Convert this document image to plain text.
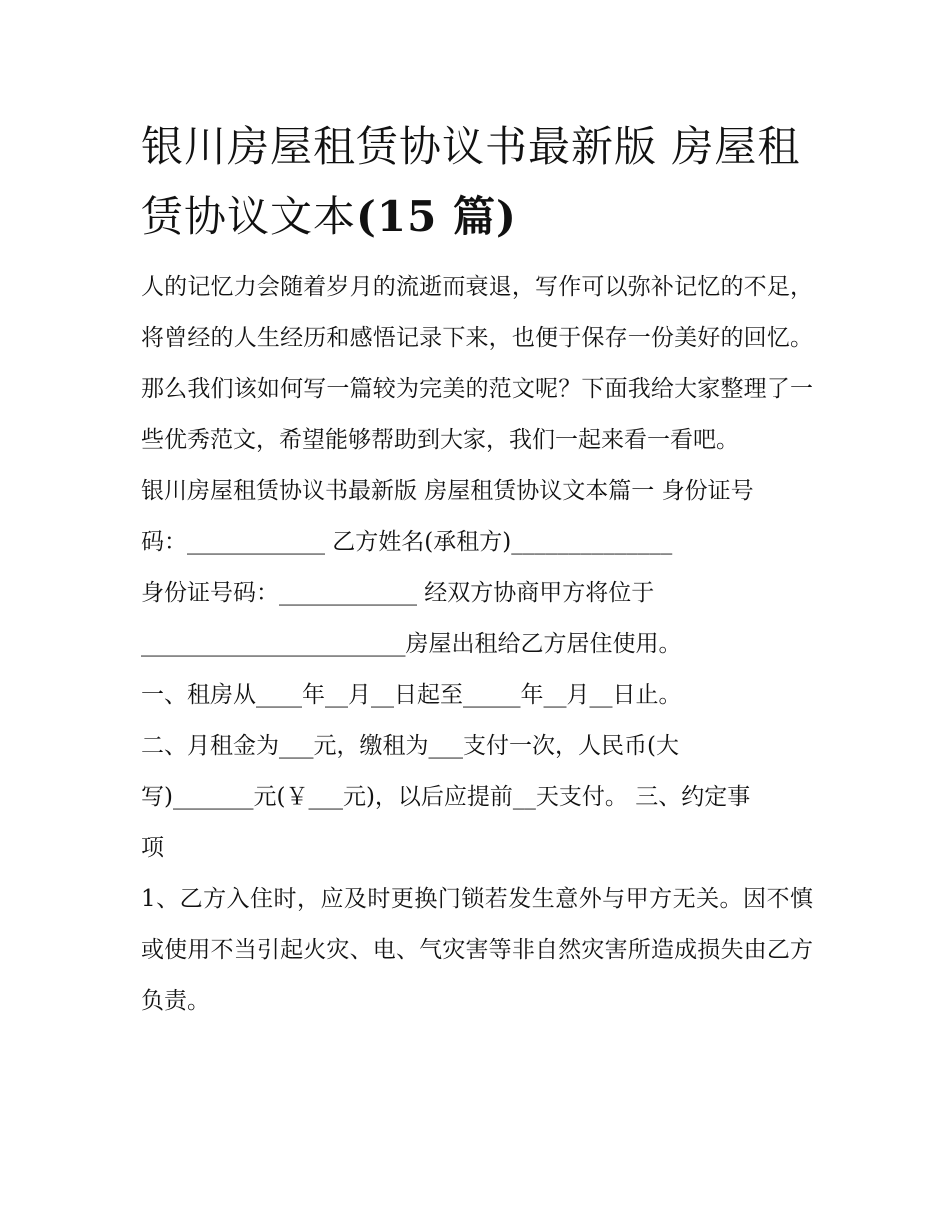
银川房屋租赁协议书最新版 房屋租赁协议文本(15 篇)

人的记忆力会随着岁月的流逝而衰退，写作可以弥补记忆的不足，将曾经的人生经历和感悟记录下来，也便于保存一份美好的回忆。那么我们该如何写一篇较为完美的范文呢？下面我给大家整理了一些优秀范文，希望能够帮助到大家，我们一起来看一看吧。

银川房屋租赁协议书最新版 房屋租赁协议文本篇一 身份证号

码：____________ 乙方姓名(承租方)______________

身份证号码：____________ 经双方协商甲方将位于

_______________________房屋出租给乙方居住使用。

一、租房从____年__月__日起至_____年__月__日止。

二、月租金为___元，缴租为___支付一次，人民币(大

写)_______元(￥___元)，以后应提前__天支付。 三、约定事

项

1、乙方入住时，应及时更换门锁若发生意外与甲方无关。因不慎或使用不当引起火灾、电、气灾害等非自然灾害所造成损失由乙方负责。
